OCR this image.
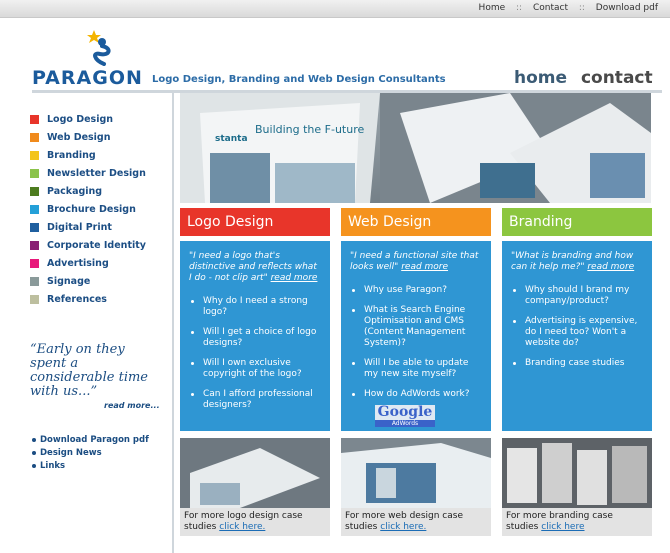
Home :: Contact :: Download pdf
PARAGON Logo Design, Branding and Web Design Consultants	home contact
Logo Design
Web Design
Branding
Newsletter Design
Packaging
Brochure Design
Digital Print
Corporate Identity
Advertising
Signage
References
“Early on they spent a considerable time with us...”
read more...
Download Paragon pdf
Design News
Links
Building the F-uture
stanta
Logo Design
"I need a logo that's distinctive and reflects what I do - not clip art" read more
Why do I need a strong logo?
Will I get a choice of logo designs?
Will I own exclusive copyright of the logo?
Can I afford professional designers?
For more logo design case studies click here.
Web Design
"I need a functional site that looks well" read more
Why use Paragon?
What is Search Engine Optimisation and CMS (Content Management System)?
Will I be able to update my new site myself?
How do AdWords work?
Google
AdWords
For more web design case studies click here.
Branding
"What is branding and how can it help me?" read more
Why should I brand my company/product?
Advertising is expensive, do I need too? Won't a website do?
Branding case studies
For more branding case studies click here
